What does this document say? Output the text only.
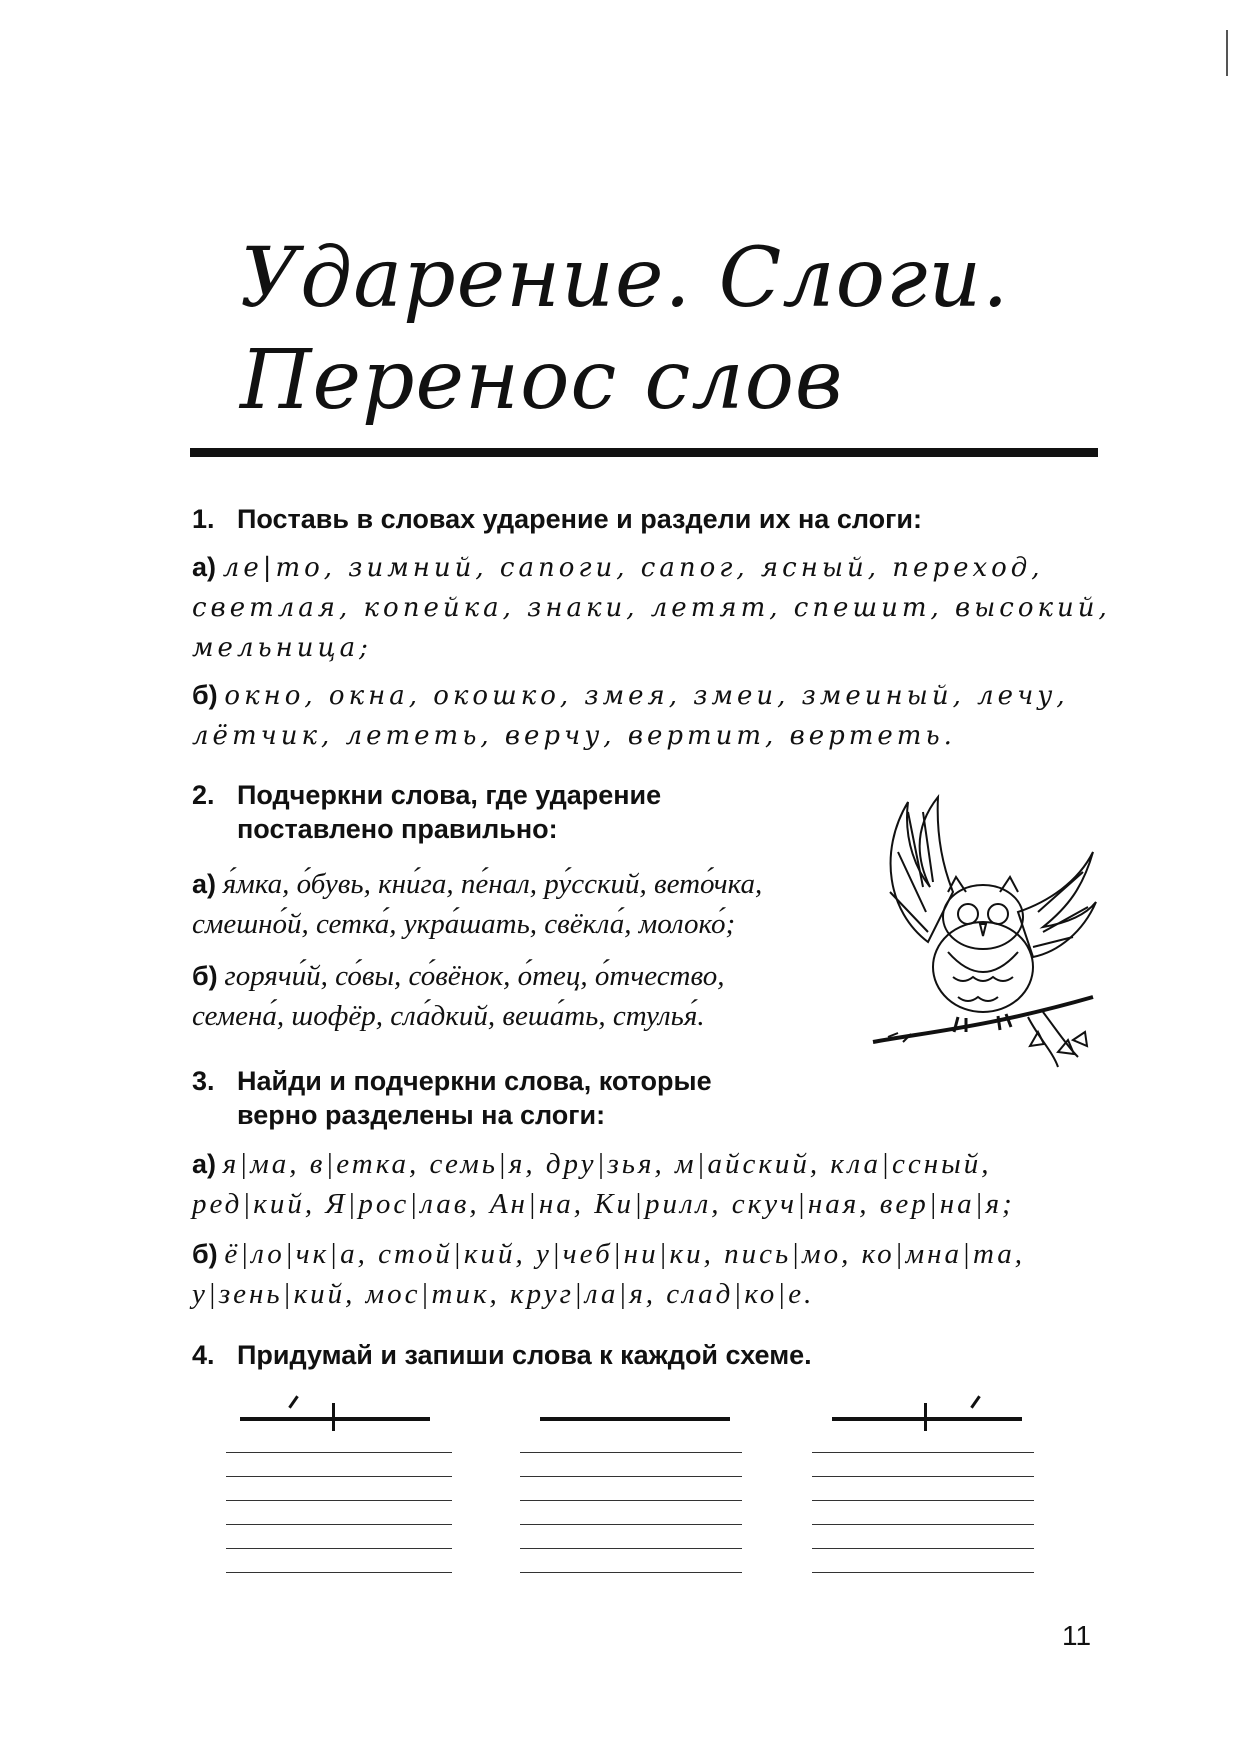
Ударение. Слоги.
Перенос слов
1. Поставь в словах ударение и раздели их на слоги:
а) ле|то, зимний, сапоги, сапог, ясный, переход,
светлая, копейка, знаки, летят, спешит, высокий,
мельница;
б) окно, окна, окошко, змея, змеи, змеиный, лечу,
лётчик, лететь, верчу, вертит, вертеть.
2. Подчеркни слова, где ударение
поставлено правильно:
а) я́мка, о́бувь, кни́га, пе́нал, ру́сский, вето́чка,
смешно́й, сетка́, укра́шать, свёкла́, молоко́;
б) горячи́й, со́вы, со́вёнок, о́тец, о́тчество,
семена́, шофёр, сла́дкий, веша́ть, стулья́.
3. Найди и подчеркни слова, которые
верно разделены на слоги:
а) я|ма, в|етка, семь|я, дру|зья, м|айский, кла|ссный,
ред|кий, Я|рос|лав, Ан|на, Ки|рилл, скуч|ная, вер|на|я;
б) ё|ло|чк|а, стой|кий, у|чеб|ни|ки, пись|мо, ко|мна|та,
у|зень|кий, мос|тик, круг|ла|я, слад|ко|е.
4. Придумай и запиши слова к каждой схеме.
11
